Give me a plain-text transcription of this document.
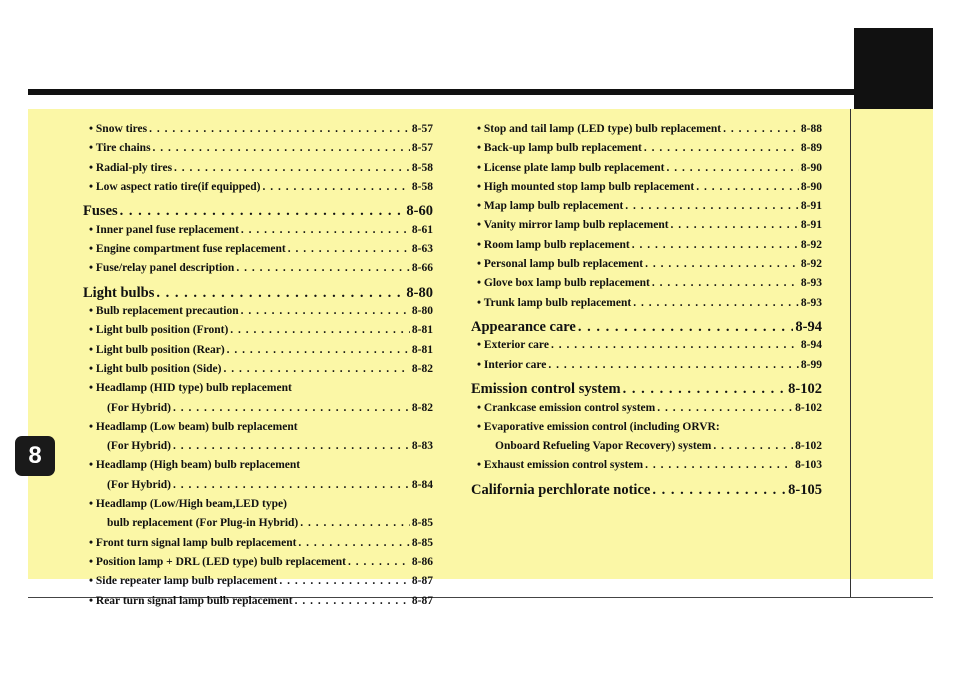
8
• Snow tires . . .	8-57
• Tire chains . . .	8-57
• Radial-ply tires . . .	8-58
• Low aspect ratio tire(if equipped) . . .	8-58
Fuses . . .	8-60
• Inner panel fuse replacement . . .	8-61
• Engine compartment fuse replacement . . .	8-63
• Fuse/relay panel description . . .	8-66
Light bulbs . . .	8-80
• Bulb replacement precaution . . .	8-80
• Light bulb position (Front) . . .	8-81
• Light bulb position (Rear) . . .	8-81
• Light bulb position (Side) . . .	8-82
• Headlamp (HID type) bulb replacement
(For Hybrid) . . .	8-82
• Headlamp (Low beam) bulb replacement
(For Hybrid) . . .	8-83
• Headlamp (High beam) bulb replacement
(For Hybrid) . . .	8-84
• Headlamp (Low/High beam,LED type)
bulb replacement (For Plug-in Hybrid) . . .	8-85
• Front turn signal lamp bulb replacement . . .	8-85
• Position lamp + DRL (LED type) bulb replacement . . .	8-86
• Side repeater lamp bulb replacement . . .	8-87
• Rear turn signal lamp bulb replacement . . .	8-87
• Stop and tail lamp (LED type) bulb replacement . . .	8-88
• Back-up lamp bulb replacement . . .	8-89
• License plate lamp bulb replacement . . .	8-90
• High mounted stop lamp bulb replacement . . .	8-90
• Map lamp bulb replacement . . .	8-91
• Vanity mirror lamp bulb replacement . . .	8-91
• Room lamp bulb replacement . . .	8-92
• Personal lamp bulb replacement . . .	8-92
• Glove box lamp bulb replacement . . .	8-93
• Trunk lamp bulb replacement . . .	8-93
Appearance care . . .	8-94
• Exterior care . . .	8-94
• Interior care . . .	8-99
Emission control system . . .	8-102
• Crankcase emission control system . . .	8-102
• Evaporative emission control (including ORVR:
Onboard Refueling Vapor Recovery) system . . .	8-102
• Exhaust emission control system . . .	8-103
California perchlorate notice . . .	8-105
